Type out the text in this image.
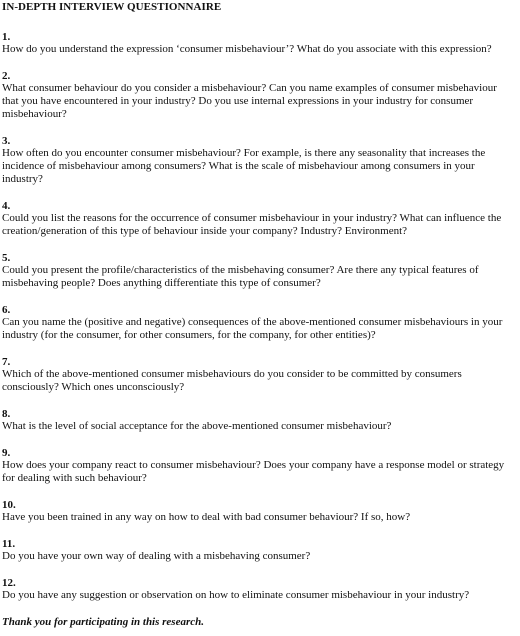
IN-DEPTH INTERVIEW QUESTIONNAIRE
1.
How do you understand the expression ‘consumer misbehaviour’? What do you associate with this expression?
2.
What consumer behaviour do you consider a misbehaviour? Can you name examples of consumer misbehaviour that you have encountered in your industry? Do you use internal expressions in your industry for consumer misbehaviour?
3.
How often do you encounter consumer misbehaviour? For example, is there any seasonality that increases the incidence of misbehaviour among consumers? What is the scale of misbehaviour among consumers in your industry?
4.
Could you list the reasons for the occurrence of consumer misbehaviour in your industry? What can influence the creation/generation of this type of behaviour inside your company? Industry? Environment?
5.
Could you present the profile/characteristics of the misbehaving consumer? Are there any typical features of misbehaving people? Does anything differentiate this type of consumer?
6.
Can you name the (positive and negative) consequences of the above-mentioned consumer misbehaviours in your industry (for the consumer, for other consumers, for the company, for other entities)?
7.
Which of the above-mentioned consumer misbehaviours do you consider to be committed by consumers consciously? Which ones unconsciously?
8.
What is the level of social acceptance for the above-mentioned consumer misbehaviour?
9.
How does your company react to consumer misbehaviour? Does your company have a response model or strategy for dealing with such behaviour?
10.
Have you been trained in any way on how to deal with bad consumer behaviour? If so, how?
11.
Do you have your own way of dealing with a misbehaving consumer?
12.
Do you have any suggestion or observation on how to eliminate consumer misbehaviour in your industry?
Thank you for participating in this research.
